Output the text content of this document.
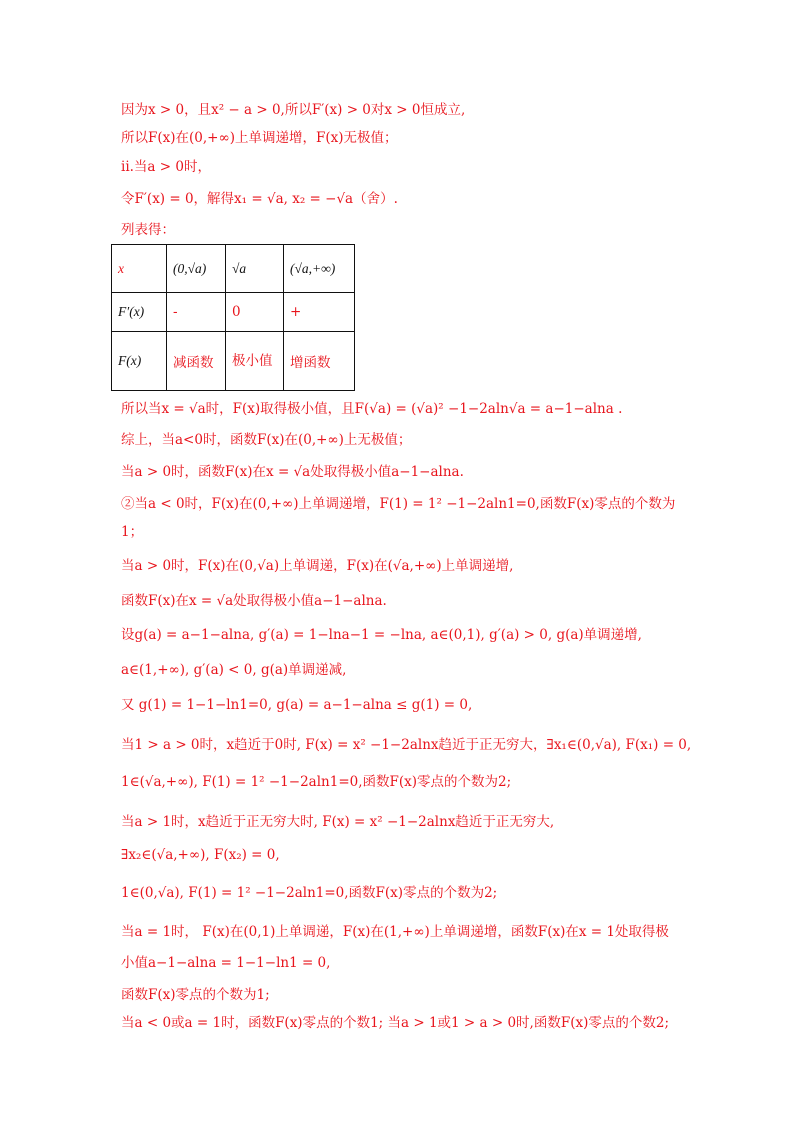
因为x > 0，且x² − a > 0,所以F′(x) > 0对x > 0恒成立,
所以F(x)在(0,+∞)上单调递增，F(x)无极值；
ii.当a > 0时，
令F′(x) = 0，解得x₁ = √a, x₂ = −√a（舍）.
列表得：
x	(0,√a)	√a	(√a,+∞)
F′(x)	-	0	+
F(x)	减函数	极小值	增函数
所以当x = √a时，F(x)取得极小值，且F(√a) = (√a)² −1−2aln√a = a−1−alna .
综上，当a<0时，函数F(x)在(0,+∞)上无极值；
当a > 0时，函数F(x)在x = √a处取得极小值a−1−alna.
②当a < 0时，F(x)在(0,+∞)上单调递增，F(1) = 1² −1−2aln1=0,函数F(x)零点的个数为
1；
当a > 0时，F(x)在(0,√a)上单调递，F(x)在(√a,+∞)上单调递增,
函数F(x)在x = √a处取得极小值a−1−alna.
设g(a) = a−1−alna, g′(a) = 1−lna−1 = −lna, a∈(0,1), g′(a) > 0, g(a)单调递增,
a∈(1,+∞), g′(a) < 0, g(a)单调递减,
又 g(1) = 1−1−ln1=0, g(a) = a−1−alna ≤ g(1) = 0,
当1 > a > 0时，x趋近于0时, F(x) = x² −1−2alnx趋近于正无穷大，∃x₁∈(0,√a), F(x₁) = 0,
1∈(√a,+∞), F(1) = 1² −1−2aln1=0,函数F(x)零点的个数为2;
当a > 1时，x趋近于正无穷大时, F(x) = x² −1−2alnx趋近于正无穷大,
∃x₂∈(√a,+∞), F(x₂) = 0,
1∈(0,√a), F(1) = 1² −1−2aln1=0,函数F(x)零点的个数为2;
当a = 1时， F(x)在(0,1)上单调递，F(x)在(1,+∞)上单调递增，函数F(x)在x = 1处取得极
小值a−1−alna = 1−1−ln1 = 0,
函数F(x)零点的个数为1;
当a < 0或a = 1时，函数F(x)零点的个数1; 当a > 1或1 > a > 0时,函数F(x)零点的个数2;
